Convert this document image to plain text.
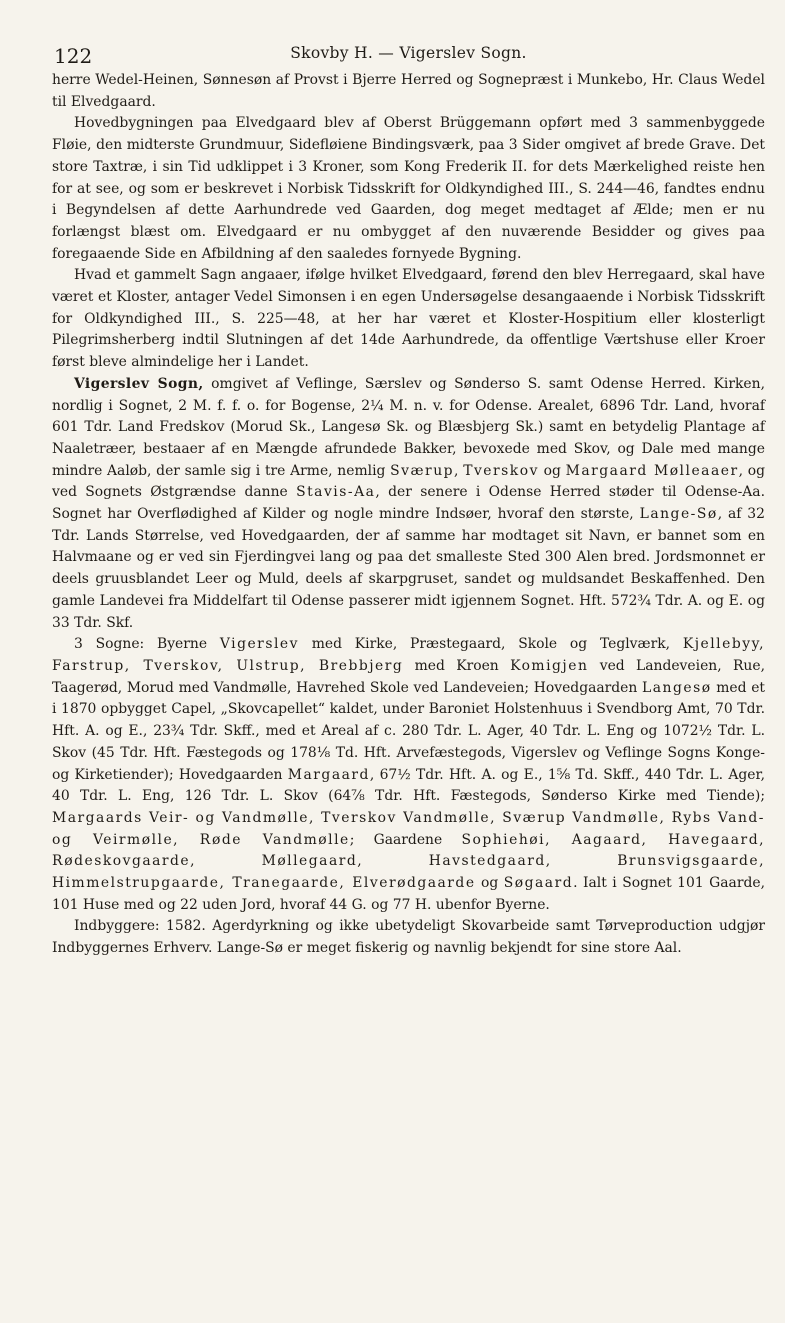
122	Skovby H. — Vigerslev Sogn.

herre Wedel-Heinen, Sønnesøn af Provst i Bjerre Herred og Sognepræst i Munkebo, Hr. Claus Wedel til Elvedgaard.

Hovedbygningen paa Elvedgaard blev af Oberst Brüggemann opført med 3 sammenbyggede Fløie, den midterste Grundmuur, Sidefløiene Bindingsværk, paa 3 Sider omgivet af brede Grave. Det store Taxtræ, i sin Tid udklippet i 3 Kroner, som Kong Frederik II. for dets Mærkelighed reiste hen for at see, og som er beskrevet i Norbisk Tidsskrift for Oldkyndighed III., S. 244—46, fandtes endnu i Begyndelsen af dette Aarhundrede ved Gaarden, dog meget medtaget af Ælde; men er nu forlængst blæst om. Elvedgaard er nu ombygget af den nuværende Besidder og gives paa foregaaende Side en Afbildning af den saaledes fornyede Bygning.

Hvad et gammelt Sagn angaaer, ifølge hvilket Elvedgaard, førend den blev Herregaard, skal have været et Kloster, antager Vedel Simonsen i en egen Undersøgelse desangaaende i Norbisk Tidsskrift for Oldkyndighed III., S. 225—48, at her har været et Kloster-Hospitium eller klosterligt Pilegrimsherberg indtil Slutningen af det 14de Aarhundrede, da offentlige Værtshuse eller Kroer først bleve almindelige her i Landet.

Vigerslev Sogn, omgivet af Veflinge, Særslev og Sønderso S. samt Odense Herred. Kirken, nordlig i Sognet, 2 M. f. f. o. for Bogense, 2¼ M. n. v. for Odense. Arealet, 6896 Tdr. Land, hvoraf 601 Tdr. Land Fredskov (Morud Sk., Langesø Sk. og Blæsbjerg Sk.) samt en betydelig Plantage af Naaletræer, bestaaer af en Mængde afrundede Bakker, bevoxede med Skov, og Dale med mange mindre Aaløb, der samle sig i tre Arme, nemlig Sværup, Tverskov og Margaard Mølleaaer, og ved Sognets Østgrændse danne Stavis-Aa, der senere i Odense Herred støder til Odense-Aa. Sognet har Overflødighed af Kilder og nogle mindre Indsøer, hvoraf den største, Lange-Sø, af 32 Tdr. Lands Størrelse, ved Hovedgaarden, der af samme har modtaget sit Navn, er bannet som en Halvmaane og er ved sin Fjerdingvei lang og paa det smalleste Sted 300 Alen bred. Jordsmonnet er deels gruusblandet Leer og Muld, deels af skarpgruset, sandet og muldsandet Beskaffenhed. Den gamle Landevei fra Middelfart til Odense passerer midt igjennem Sognet. Hft. 572¾ Tdr. A. og E. og 33 Tdr. Skf.

3 Sogne: Byerne Vigerslev med Kirke, Præstegaard, Skole og Teglværk, Kjellebyy, Farstrup, Tverskov, Ulstrup, Brebbjerg med Kroen Komigjen ved Landeveien, Rue, Taagerød, Morud med Vandmølle, Havrehed Skole ved Landeveien; Hovedgaarden Langesø med et i 1870 opbygget Capel, „Skovcapellet“ kaldet, under Baroniet Holstenhuus i Svendborg Amt, 70 Tdr. Hft. A. og E., 23¾ Tdr. Skff., med et Areal af c. 280 Tdr. L. Ager, 40 Tdr. L. Eng og 1072½ Tdr. L. Skov (45 Tdr. Hft. Fæstegods og 178⅛ Td. Hft. Arvefæstegods, Vigerslev og Veflinge Sogns Konge- og Kirketiender); Hovedgaarden Margaard, 67½ Tdr. Hft. A. og E., 1⅝ Td. Skff., 440 Tdr. L. Ager, 40 Tdr. L. Eng, 126 Tdr. L. Skov (64⅞ Tdr. Hft. Fæstegods, Sønderso Kirke med Tiende); Margaards Veir- og Vandmølle, Tverskov Vandmølle, Sværup Vandmølle, Rybs Vand- og Veirmølle, Røde Vandmølle; Gaardene Sophiehøi, Aagaard, Havegaard, Rødeskovgaarde, Møllegaard, Havstedgaard, Brunsvigsgaarde, Himmelstrupgaarde, Tranegaarde, Elverødgaarde og Søgaard. Ialt i Sognet 101 Gaarde, 101 Huse med og 22 uden Jord, hvoraf 44 G. og 77 H. ubenfor Byerne.

Indbyggere: 1582. Agerdyrkning og ikke ubetydeligt Skovarbeide samt Tørveproduction udgjør Indbyggernes Erhverv. Lange-Sø er meget fiskerig og navnlig bekjendt for sine store Aal.
